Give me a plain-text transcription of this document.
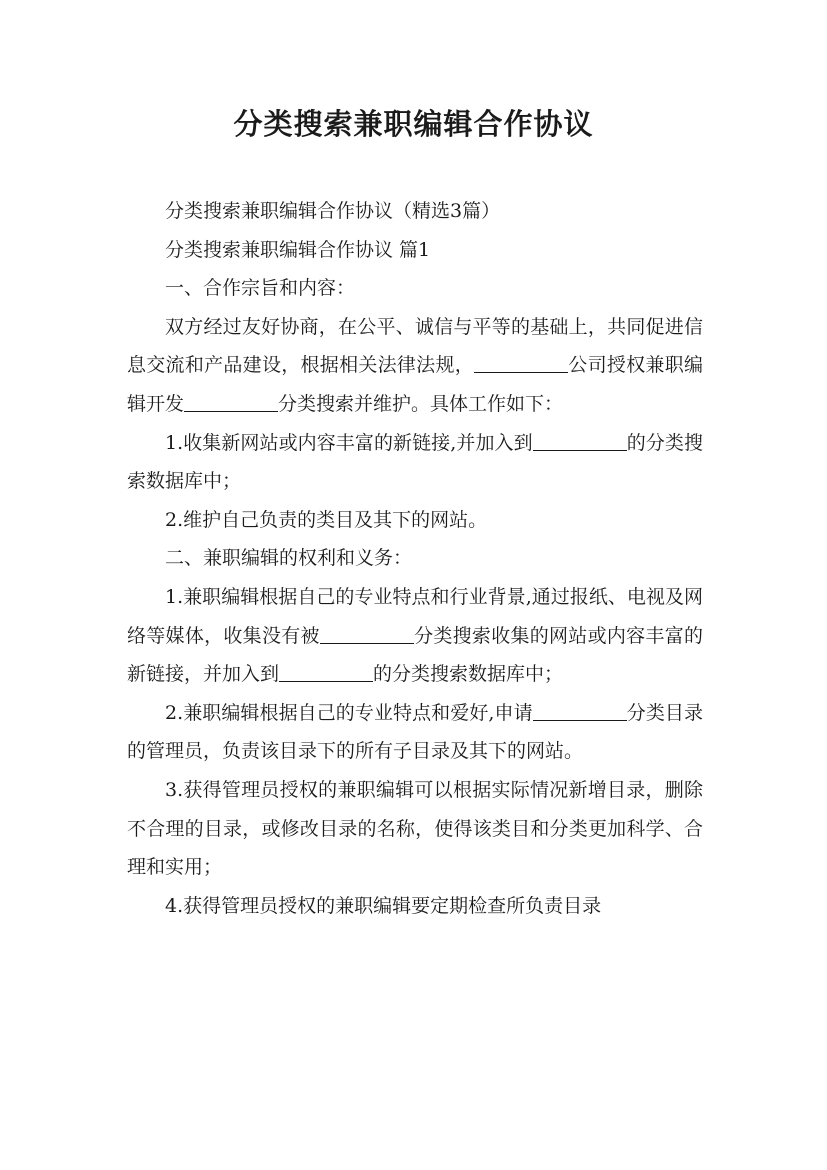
分类搜索兼职编辑合作协议

分类搜索兼职编辑合作协议（精选3篇）

分类搜索兼职编辑合作协议 篇1

一、合作宗旨和内容：

双方经过友好协商，在公平、诚信与平等的基础上，共同促进信息交流和产品建设，根据相关法律法规，	公司授权兼职编辑开发	分类搜索并维护。具体工作如下：

1.收集新网站或内容丰富的新链接,并加入到	的分类搜索数据库中；

2.维护自己负责的类目及其下的网站。

二、兼职编辑的权利和义务：

1.兼职编辑根据自己的专业特点和行业背景,通过报纸、电视及网络等媒体，收集没有被	分类搜索收集的网站或内容丰富的新链接，并加入到	的分类搜索数据库中；

2.兼职编辑根据自己的专业特点和爱好,申请	分类目录的管理员，负责该目录下的所有子目录及其下的网站。

3.获得管理员授权的兼职编辑可以根据实际情况新增目录，删除不合理的目录，或修改目录的名称，使得该类目和分类更加科学、合理和实用；

4.获得管理员授权的兼职编辑要定期检查所负责目录
